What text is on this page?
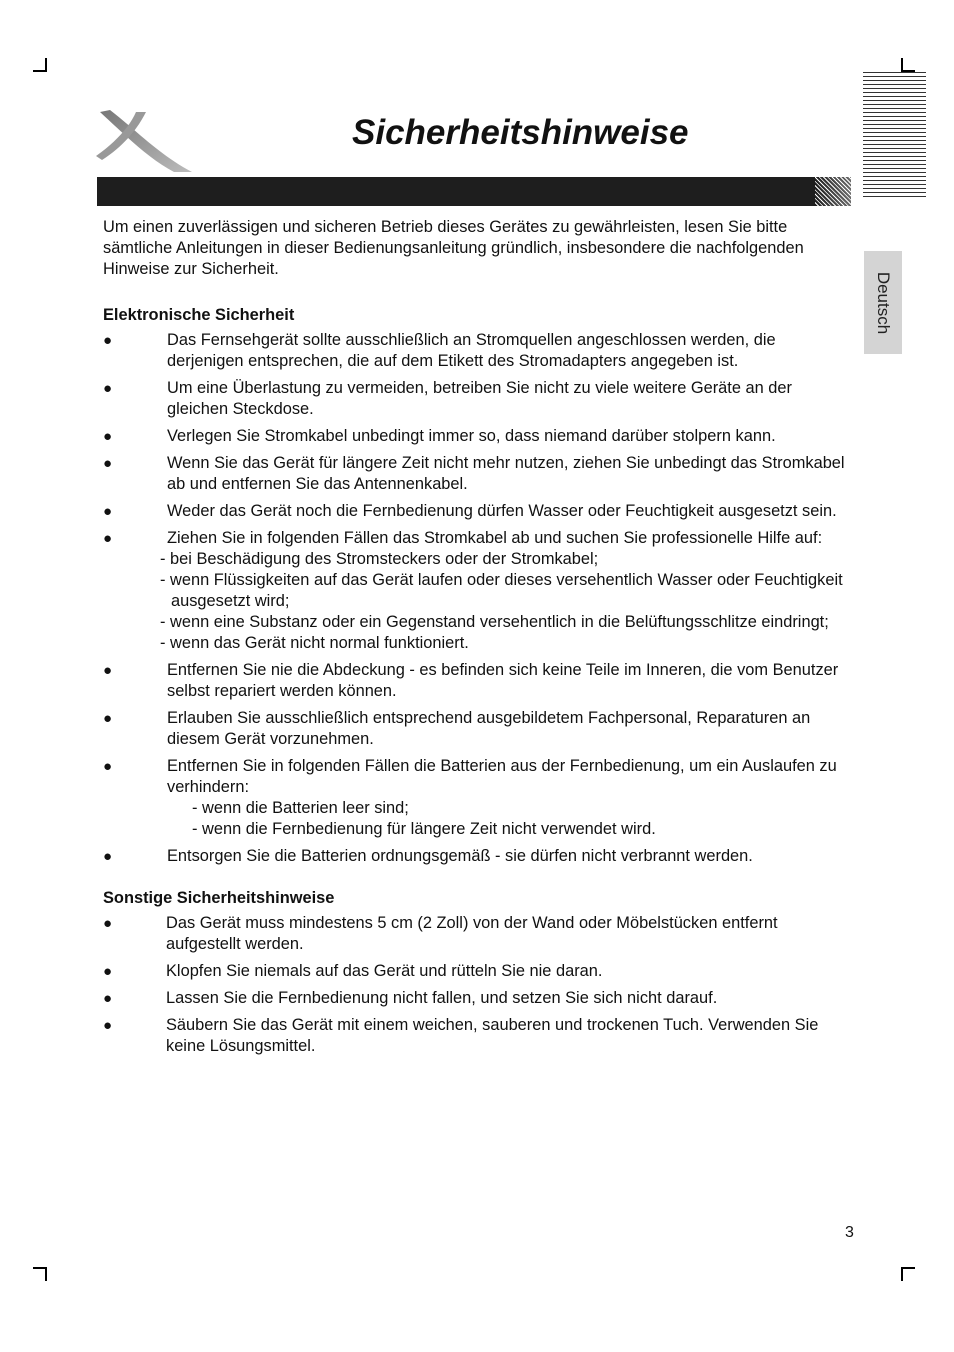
Sicherheitshinweise
Deutsch

Um einen zuverlässigen und sicheren Betrieb dieses Gerätes zu gewährleisten, lesen Sie bitte sämtliche Anleitungen in dieser Bedienungsanleitung gründlich, insbesondere die nachfolgenden Hinweise zur Sicherheit.

Elektronische Sicherheit
●	Das Fernsehgerät sollte ausschließlich an Stromquellen angeschlossen werden, die derjenigen entsprechen, die auf dem Etikett des Stromadapters angegeben ist.
●	Um eine Überlastung zu vermeiden, betreiben Sie nicht zu viele weitere Geräte an der gleichen Steckdose.
●	Verlegen Sie Stromkabel unbedingt immer so, dass niemand darüber stolpern kann.
●	Wenn Sie das Gerät für längere Zeit nicht mehr nutzen, ziehen Sie unbedingt das Stromkabel ab und entfernen Sie das Antennenkabel.
●	Weder das Gerät noch die Fernbedienung dürfen Wasser oder Feuchtigkeit ausgesetzt sein.
●	Ziehen Sie in folgenden Fällen das Stromkabel ab und suchen Sie professionelle Hilfe auf:
- bei Beschädigung des Stromsteckers oder der Stromkabel;
- wenn Flüssigkeiten auf das Gerät laufen oder dieses versehentlich Wasser oder Feuchtigkeit ausgesetzt wird;
- wenn eine Substanz oder ein Gegenstand versehentlich in die Belüftungsschlitze eindringt;
- wenn das Gerät nicht normal funktioniert.
●	Entfernen Sie nie die Abdeckung - es befinden sich keine Teile im Inneren, die vom Benutzer selbst repariert werden können.
●	Erlauben Sie ausschließlich entsprechend ausgebildetem Fachpersonal, Reparaturen an diesem Gerät vorzunehmen.
●	Entfernen Sie in folgenden Fällen die Batterien aus der Fernbedienung, um ein Auslaufen zu verhindern:
- wenn die Batterien leer sind;
- wenn die Fernbedienung für längere Zeit nicht verwendet wird.
●	Entsorgen Sie die Batterien ordnungsgemäß - sie dürfen nicht verbrannt werden.
Sonstige Sicherheitshinweise
●	Das Gerät muss mindestens 5 cm (2 Zoll) von der Wand oder Möbelstücken entfernt aufgestellt werden.
●	Klopfen Sie niemals auf das Gerät und rütteln Sie nie daran.
●	Lassen Sie die Fernbedienung nicht fallen, und setzen Sie sich nicht darauf.
●	Säubern Sie das Gerät mit einem weichen, sauberen und trockenen Tuch. Verwenden Sie keine Lösungsmittel.
3
